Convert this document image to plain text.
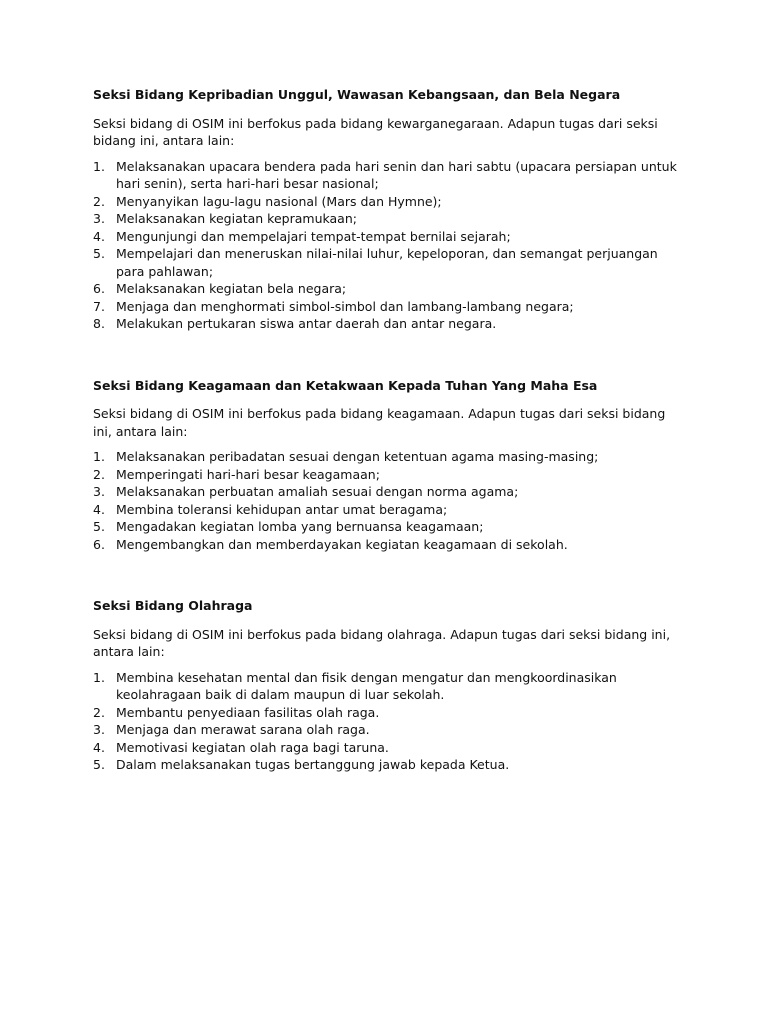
Seksi Bidang Kepribadian Unggul, Wawasan Kebangsaan, dan Bela Negara

Seksi bidang di OSIM ini berfokus pada bidang kewarganegaraan. Adapun tugas dari seksi bidang ini, antara lain:

1. Melaksanakan upacara bendera pada hari senin dan hari sabtu (upacara persiapan untuk hari senin), serta hari-hari besar nasional;
2. Menyanyikan lagu-lagu nasional (Mars dan Hymne);
3. Melaksanakan kegiatan kepramukaan;
4. Mengunjungi dan mempelajari tempat-tempat bernilai sejarah;
5. Mempelajari dan meneruskan nilai-nilai luhur, kepeloporan, dan semangat perjuangan para pahlawan;
6. Melaksanakan kegiatan bela negara;
7. Menjaga dan menghormati simbol-simbol dan lambang-lambang negara;
8. Melakukan pertukaran siswa antar daerah dan antar negara.
Seksi Bidang Keagamaan dan Ketakwaan Kepada Tuhan Yang Maha Esa

Seksi bidang di OSIM ini berfokus pada bidang keagamaan. Adapun tugas dari seksi bidang ini, antara lain:

1. Melaksanakan peribadatan sesuai dengan ketentuan agama masing-masing;
2. Memperingati hari-hari besar keagamaan;
3. Melaksanakan perbuatan amaliah sesuai dengan norma agama;
4. Membina toleransi kehidupan antar umat beragama;
5. Mengadakan kegiatan lomba yang bernuansa keagamaan;
6. Mengembangkan dan memberdayakan kegiatan keagamaan di sekolah.
Seksi Bidang Olahraga

Seksi bidang di OSIM ini berfokus pada bidang olahraga. Adapun tugas dari seksi bidang ini, antara lain:

1. Membina kesehatan mental dan fisik dengan mengatur dan mengkoordinasikan keolahragaan baik di dalam maupun di luar sekolah.
2. Membantu penyediaan fasilitas olah raga.
3. Menjaga dan merawat sarana olah raga.
4. Memotivasi kegiatan olah raga bagi taruna.
5. Dalam melaksanakan tugas bertanggung jawab kepada Ketua.
